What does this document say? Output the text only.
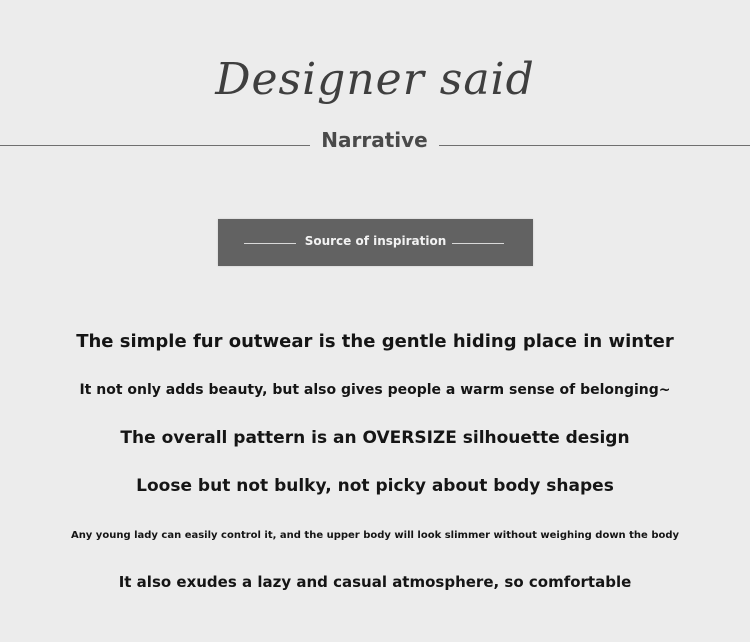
Designer said
Narrative
Source of inspiration
The simple fur outwear is the gentle hiding place in winter
It not only adds beauty, but also gives people a warm sense of belonging~
The overall pattern is an OVERSIZE silhouette design
Loose but not bulky, not picky about body shapes
Any young lady can easily control it, and the upper body will look slimmer without weighing down the body
It also exudes a lazy and casual atmosphere, so comfortable
